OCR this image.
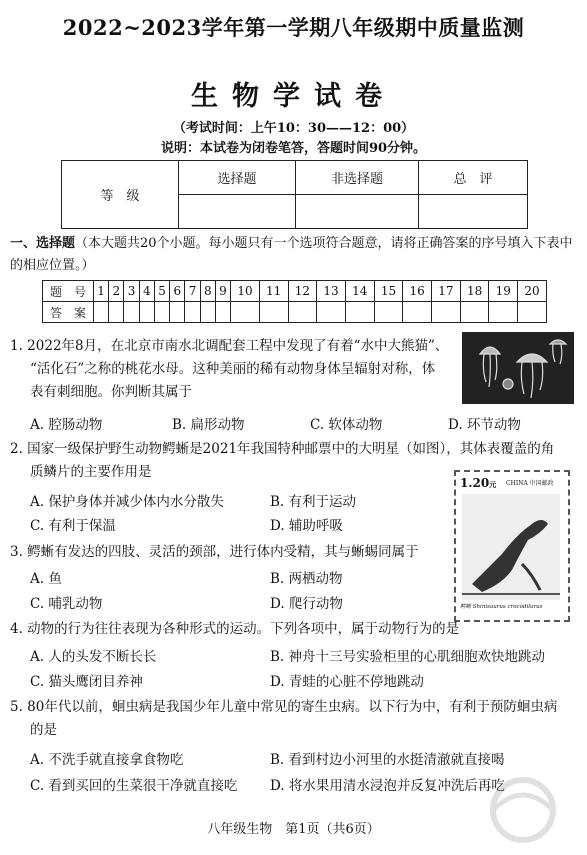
2022~2023学年第一学期八年级期中质量监测
生物学试卷
（考试时间：上午10：30——12：00）
说明：本试卷为闭卷笔答，答题时间90分钟。
等　级	选择题	非选择题	总　评

一、选择题（本大题共20个小题。每小题只有一个选项符合题意，请将正确答案的序号填入下表中的相应位置。）
题　号	1	2	3	4	5	6	7	8	9	10	11	12	13	14	15	16	17	18	19	20
答　案																				
1. 2022年8月，在北京市南水北调配套工程中发现了有着“水中大熊猫”、
“活化石”之称的桃花水母。这种美丽的稀有动物身体呈辐射对称，体
表有刺细胞。你判断其属于
A. 腔肠动物	B. 扁形动物	C. 软体动物	D. 环节动物
2. 国家一级保护野生动物鳄蜥是2021年我国特种邮票中的大明星（如图），其体表覆盖的角
质鳞片的主要作用是
A. 保护身体并减少体内水分散失	B. 有利于运动
C. 有利于保温	D. 辅助呼吸
1.20元 CHINA 中国邮政
鳄蜥 Shinisaurus crocodilurus
3. 鳄蜥有发达的四肢、灵活的颈部，进行体内受精，其与蜥蜴同属于
A. 鱼	B. 两栖动物
C. 哺乳动物	D. 爬行动物
4. 动物的行为往往表现为各种形式的运动。下列各项中，属于动物行为的是
A. 人的头发不断长长	B. 神舟十三号实验柜里的心肌细胞欢快地跳动
C. 猫头鹰闭目养神	D. 青蛙的心脏不停地跳动
5. 80年代以前，蛔虫病是我国少年儿童中常见的寄生虫病。以下行为中，有利于预防蛔虫病
的是
A. 不洗手就直接拿食物吃	B. 看到村边小河里的水挺清澈就直接喝
C. 看到买回的生菜很干净就直接吃 D. 将水果用清水浸泡并反复冲洗后再吃
八年级生物　第1页（共6页）
